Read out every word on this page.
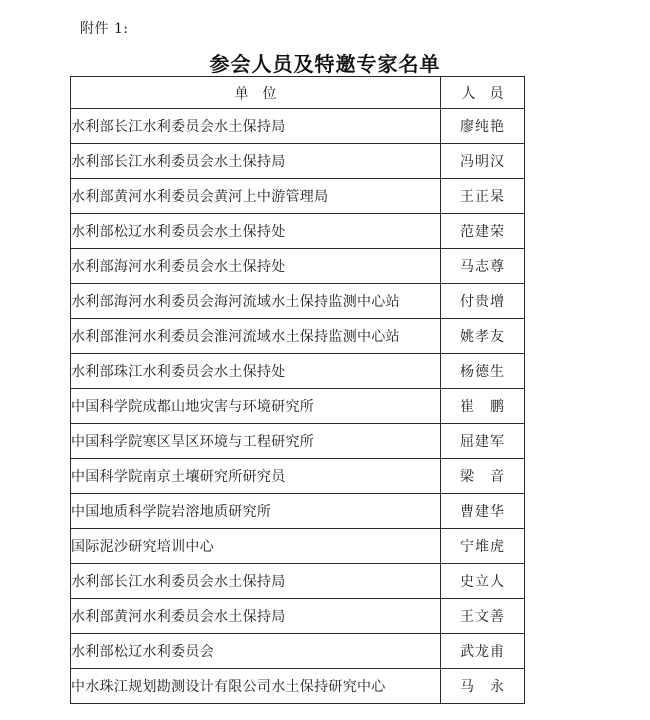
附件 1:
参会人员及特邀专家名单
单　位	人　员
水利部长江水利委员会水土保持局	廖纯艳
水利部长江水利委员会水土保持局	冯明汉
水利部黄河水利委员会黄河上中游管理局	王正杲
水利部松辽水利委员会水土保持处	范建荣
水利部海河水利委员会水土保持处	马志尊
水利部海河水利委员会海河流域水土保持监测中心站	付贵增
水利部淮河水利委员会淮河流域水土保持监测中心站	姚孝友
水利部珠江水利委员会水土保持处	杨德生
中国科学院成都山地灾害与环境研究所	崔　鹏
中国科学院寒区旱区环境与工程研究所	屈建军
中国科学院南京土壤研究所研究员	梁　音
中国地质科学院岩溶地质研究所	曹建华
国际泥沙研究培训中心	宁堆虎
水利部长江水利委员会水土保持局	史立人
水利部黄河水利委员会水土保持局	王文善
水利部松辽水利委员会	武龙甫
中水珠江规划勘测设计有限公司水土保持研究中心	马　永
